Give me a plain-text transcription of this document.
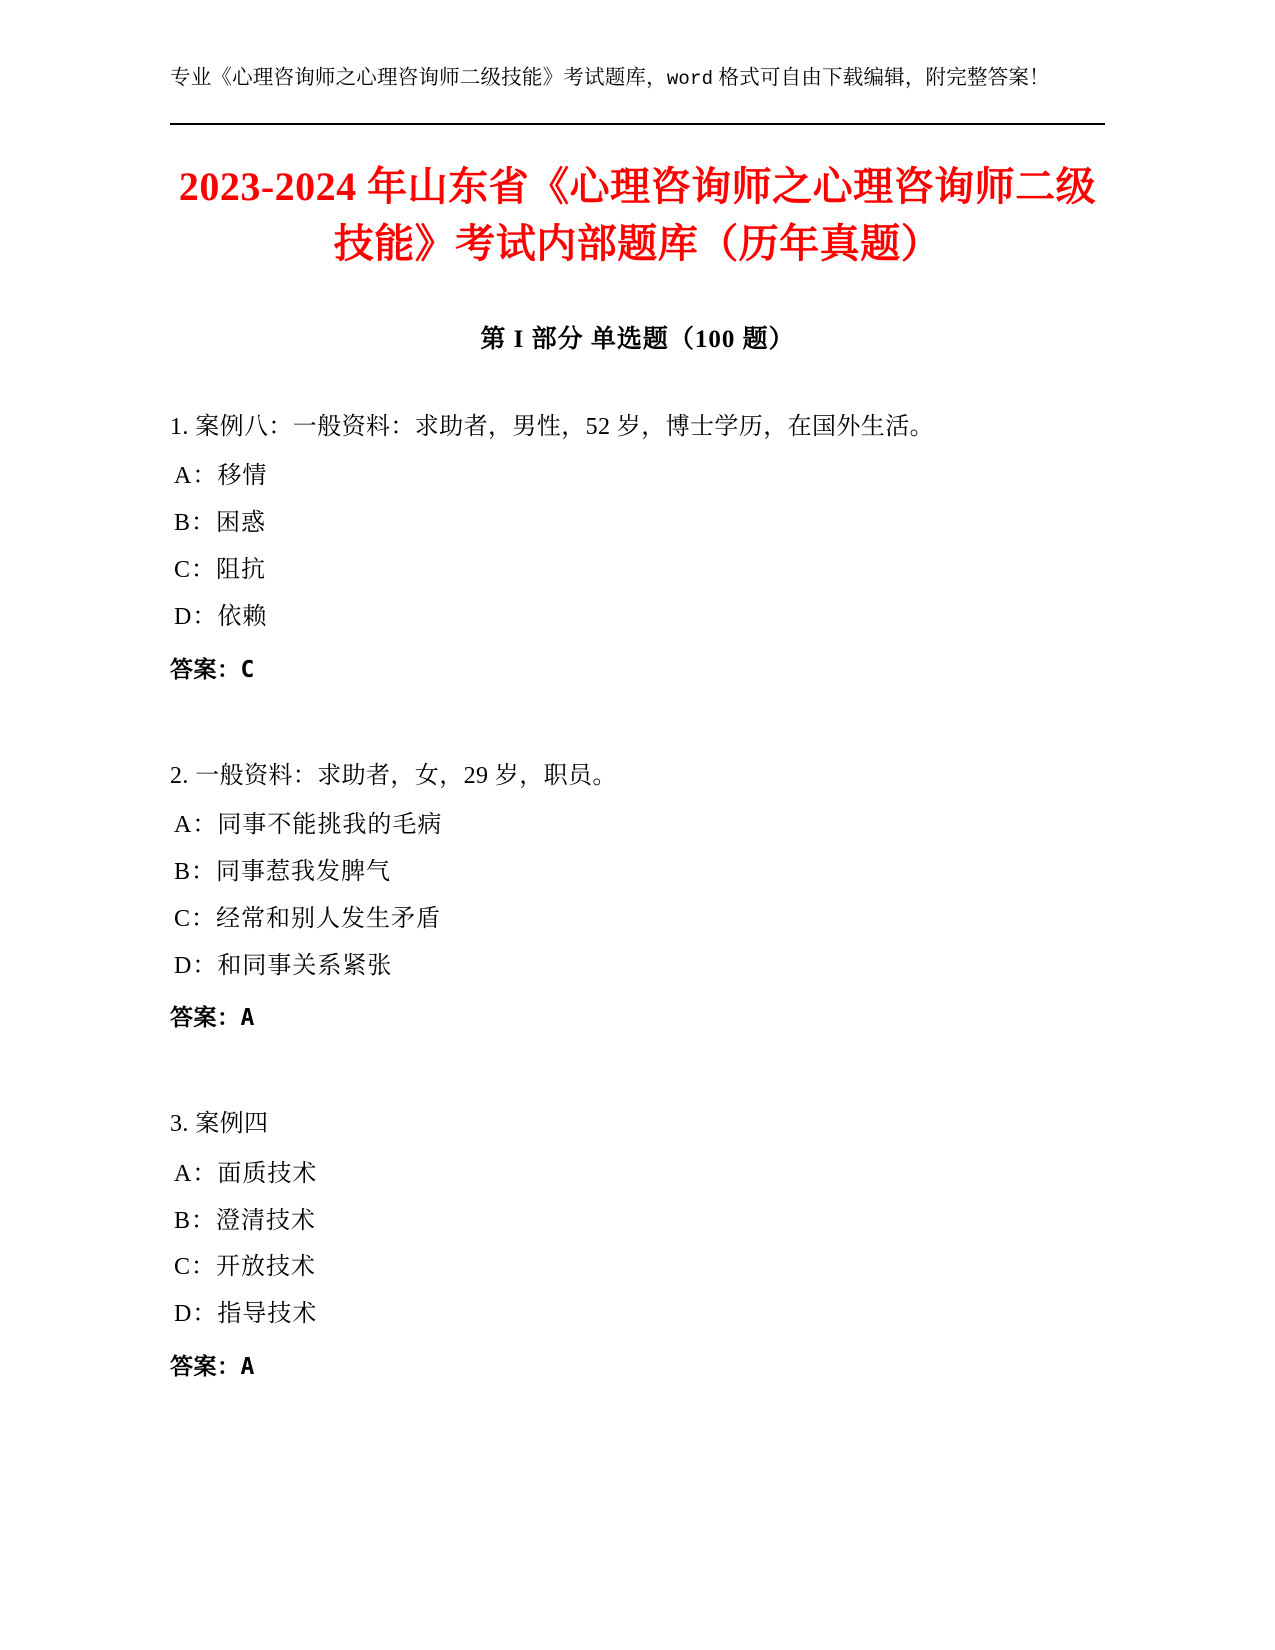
专业《心理咨询师之心理咨询师二级技能》考试题库，word 格式可自由下载编辑，附完整答案！

2023-2024 年山东省《心理咨询师之心理咨询师二级技能》考试内部题库（历年真题）
第 I 部分 单选题（100 题）

1. 案例八：一般资料：求助者，男性，52 岁，博士学历，在国外生活。

A：移情

B：困惑

C：阻抗

D：依赖

答案：C

2. 一般资料：求助者，女，29 岁，职员。

A：同事不能挑我的毛病

B：同事惹我发脾气

C：经常和别人发生矛盾

D：和同事关系紧张

答案：A

3. 案例四

A：面质技术

B：澄清技术

C：开放技术

D：指导技术

答案：A
